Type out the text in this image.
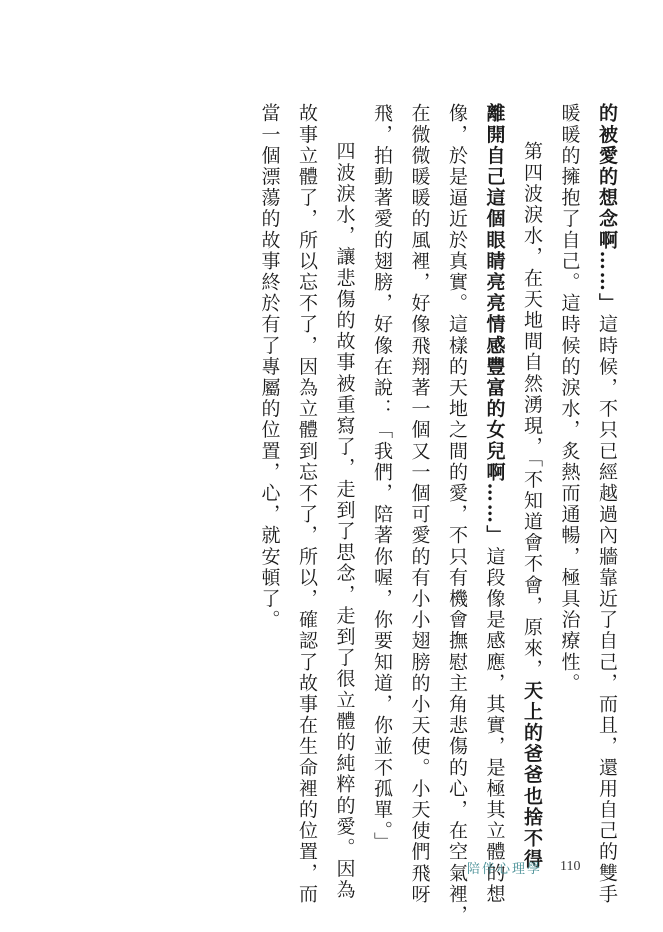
的被愛的想念啊……」這時候，不只已經越過內牆靠近了自己，而且，還用自己的雙手

暖暖的擁抱了自己。這時候的淚水，炙熱而通暢，極具治療性。

第四波淚水，在天地間自然湧現，「不知道會不會，原來，天上的爸爸也捨不得

離開自己這個眼睛亮亮情感豐富的女兒啊……」這段像是感應，其實，是極其立體的想

像，於是逼近於真實。這樣的天地之間的愛，不只有機會撫慰主角悲傷的心，在空氣裡，

在微微暖暖的風裡，好像飛翔著一個又一個可愛的有小小翅膀的小天使。小天使們飛呀

飛，拍動著愛的翅膀，好像在說：「我們，陪著你喔，你要知道，你並不孤單。」

四波淚水，讓悲傷的故事被重寫了，走到了思念，走到了很立體的純粹的愛。因為

故事立體了，所以忘不了，因為立體到忘不了，所以，確認了故事在生命裡的位置，而

當一個漂蕩的故事終於有了專屬的位置，心，就安頓了。

陪伴心理學 110
